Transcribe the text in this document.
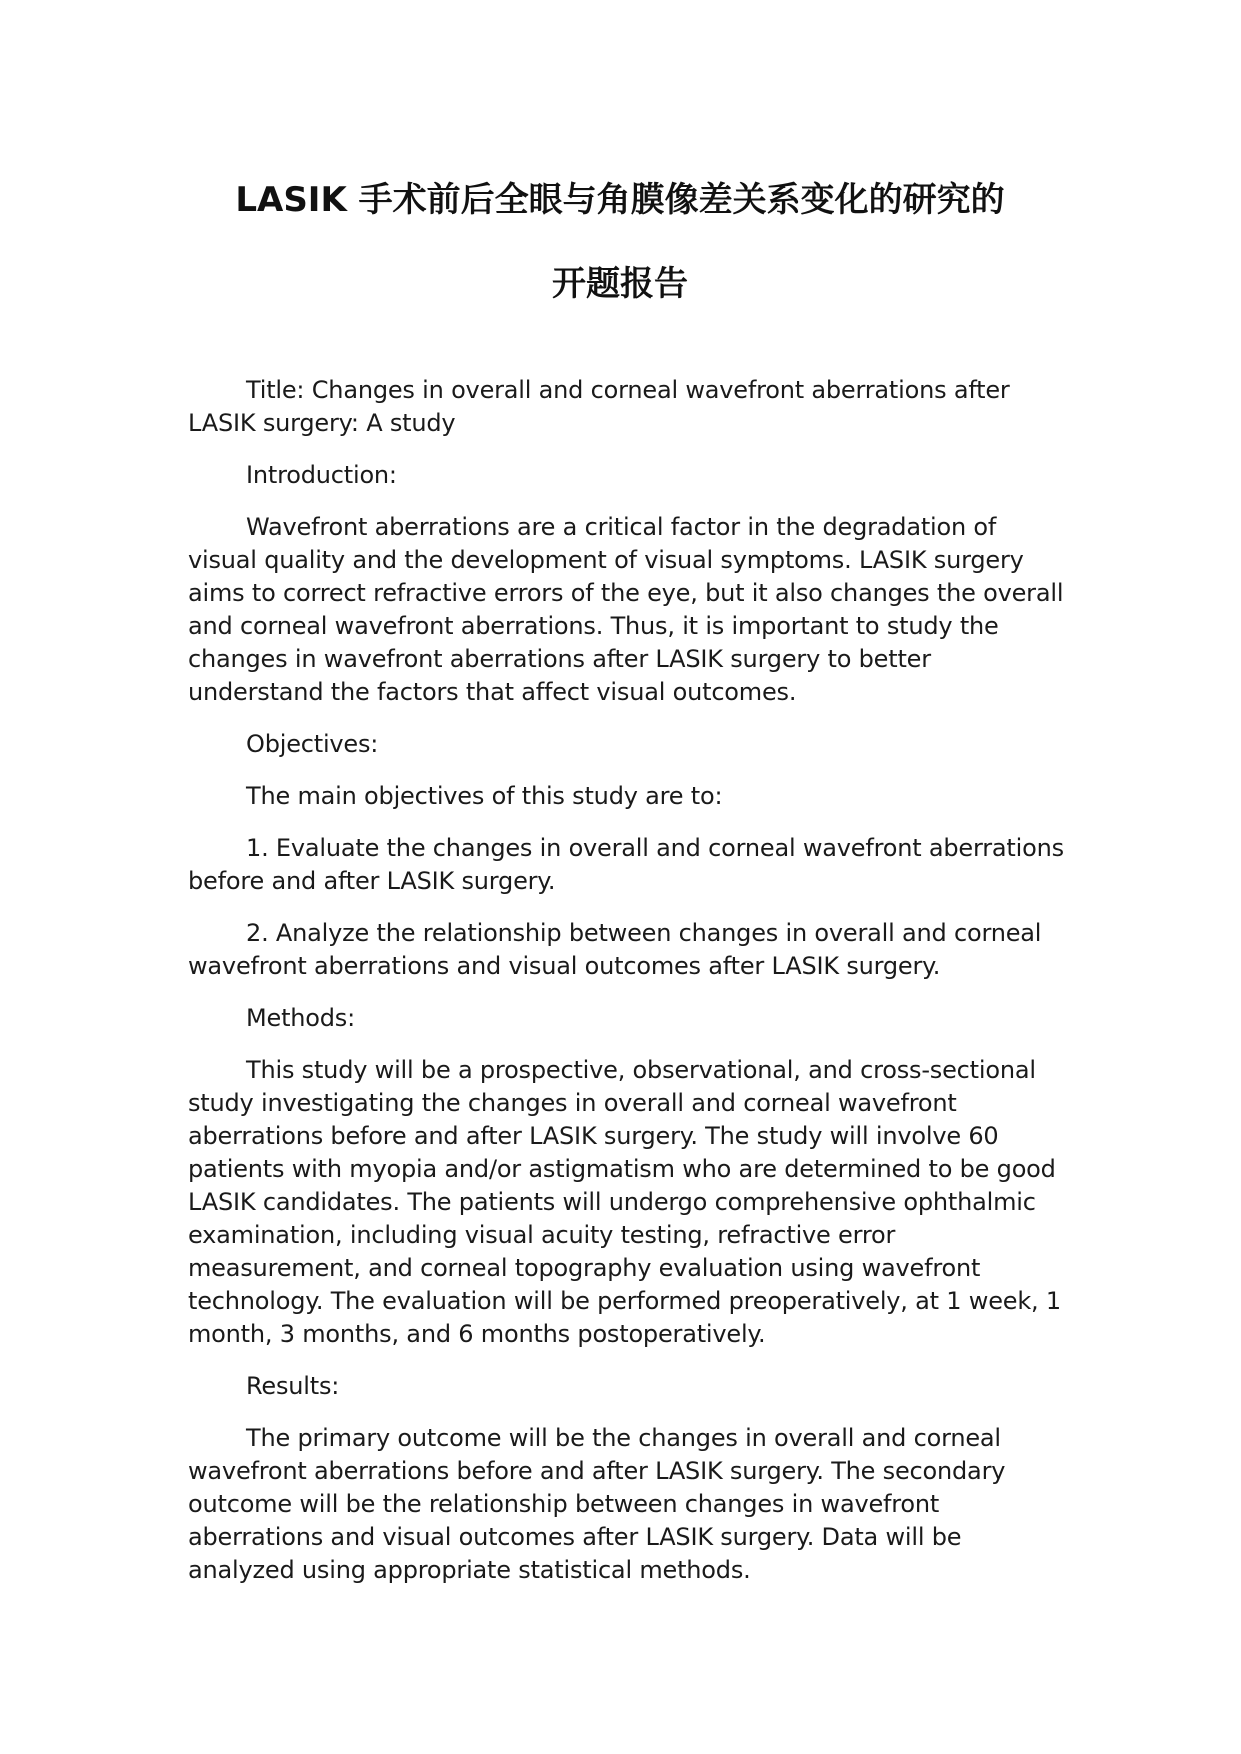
LASIK 手术前后全眼与角膜像差关系变化的研究的
开题报告

Title: Changes in overall and corneal wavefront aberrations after LASIK surgery: A study

Introduction:

Wavefront aberrations are a critical factor in the degradation of visual quality and the development of visual symptoms. LASIK surgery aims to correct refractive errors of the eye, but it also changes the overall and corneal wavefront aberrations. Thus, it is important to study the changes in wavefront aberrations after LASIK surgery to better understand the factors that affect visual outcomes.

Objectives:

The main objectives of this study are to:

1. Evaluate the changes in overall and corneal wavefront aberrations before and after LASIK surgery.

2. Analyze the relationship between changes in overall and corneal wavefront aberrations and visual outcomes after LASIK surgery.

Methods:

This study will be a prospective, observational, and cross-sectional study investigating the changes in overall and corneal wavefront aberrations before and after LASIK surgery. The study will involve 60 patients with myopia and/or astigmatism who are determined to be good LASIK candidates. The patients will undergo comprehensive ophthalmic examination, including visual acuity testing, refractive error measurement, and corneal topography evaluation using wavefront technology. The evaluation will be performed preoperatively, at 1 week, 1 month, 3 months, and 6 months postoperatively.

Results:

The primary outcome will be the changes in overall and corneal wavefront aberrations before and after LASIK surgery. The secondary outcome will be the relationship between changes in wavefront aberrations and visual outcomes after LASIK surgery. Data will be analyzed using appropriate statistical methods.
